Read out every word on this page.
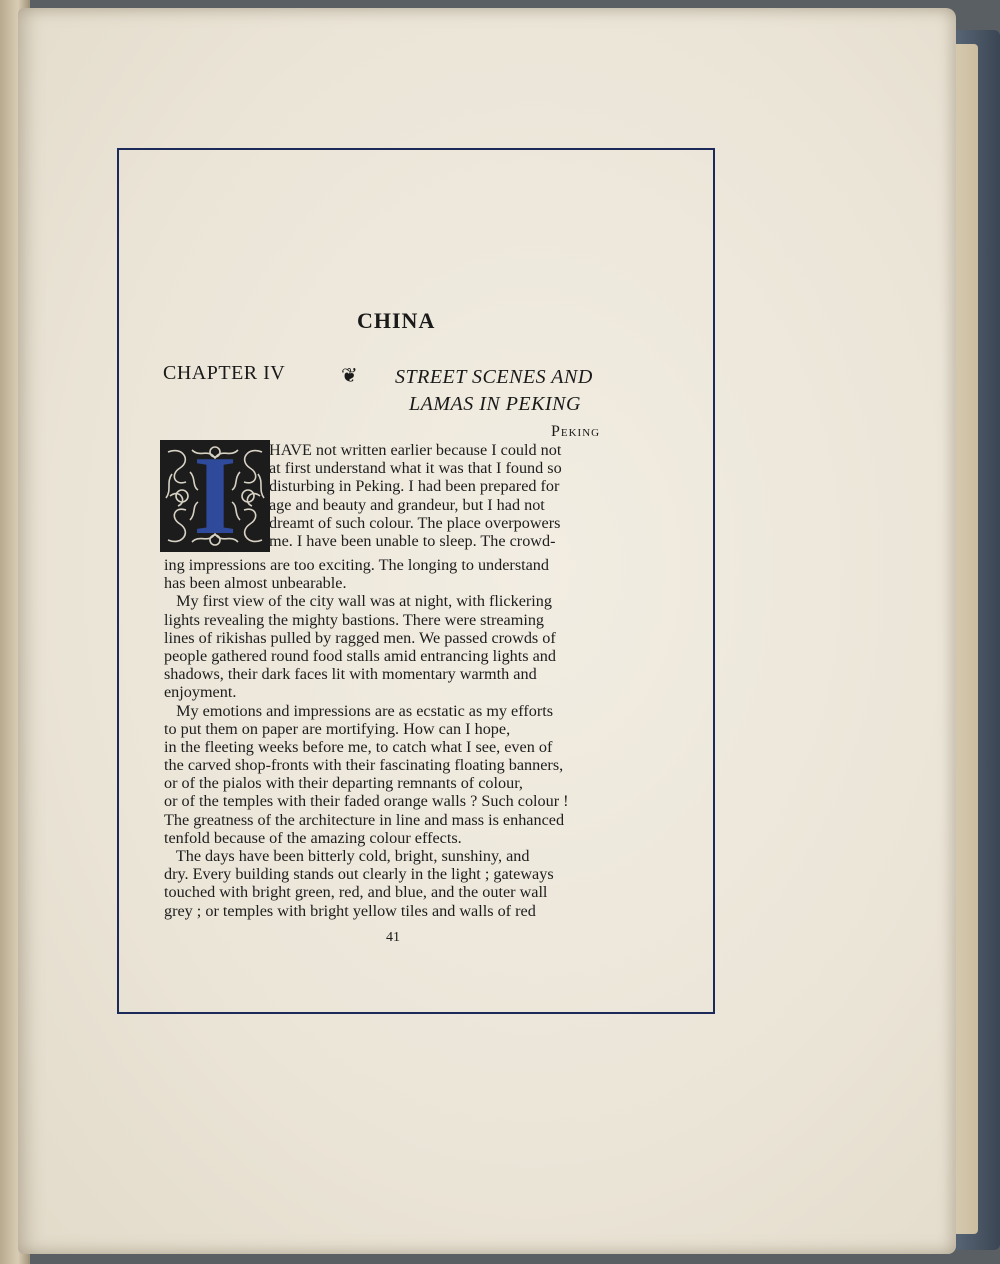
CHINA
CHAPTER IV	❦ STREET SCENES AND
LAMAS IN PEKING
Peking
I	HAVE not written earlier because I could not
at first understand what it was that I found so
disturbing in Peking. I had been prepared for
age and beauty and grandeur, but I had not
dreamt of such colour. The place overpowers
me. I have been unable to sleep. The crowd-
ing impressions are too exciting. The longing to understand
has been almost unbearable.
My first view of the city wall was at night, with flickering
lights revealing the mighty bastions. There were streaming
lines of rikishas pulled by ragged men. We passed crowds of
people gathered round food stalls amid entrancing lights and
shadows, their dark faces lit with momentary warmth and
enjoyment.
My emotions and impressions are as ecstatic as my efforts
to put them on paper are mortifying. How can I hope,
in the fleeting weeks before me, to catch what I see, even of
the carved shop-fronts with their fascinating floating banners,
or of the pialos with their departing remnants of colour,
or of the temples with their faded orange walls ? Such colour !
The greatness of the architecture in line and mass is enhanced
tenfold because of the amazing colour effects.
The days have been bitterly cold, bright, sunshiny, and
dry. Every building stands out clearly in the light ; gateways
touched with bright green, red, and blue, and the outer wall
grey ; or temples with bright yellow tiles and walls of red
41
